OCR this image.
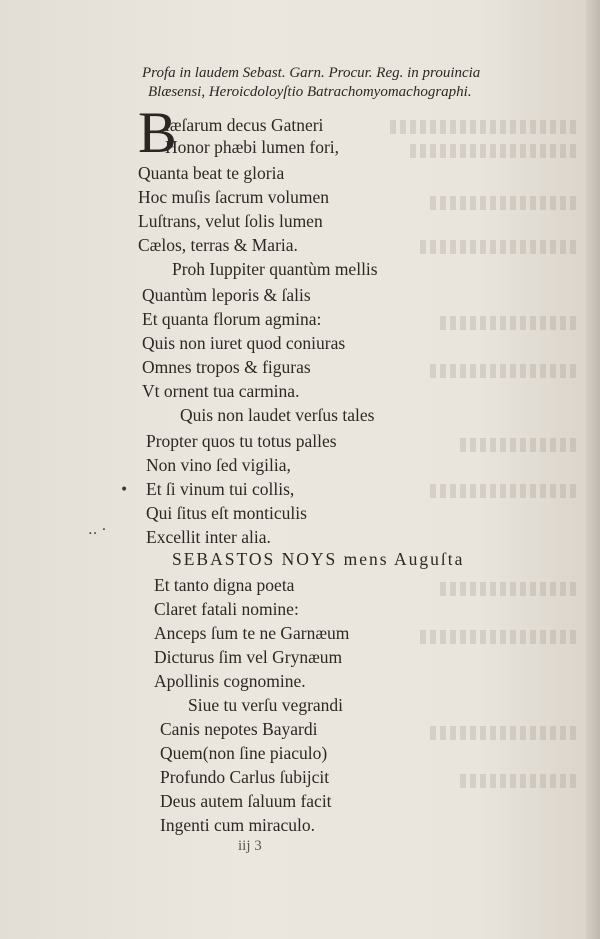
Profa in laudem Sebast. Garn. Procur. Reg. in prouincia
Blæsensi, Heroicdoloyſtio Batrachomyomachographi.
B
læſarum decus Gatneri
Honor phæbi lumen fori,
Quanta beat te gloria
Hoc muſis ſacrum volumen
Luſtrans, velut ſolis lumen
Cælos, terras & Maria.
Proh Iuppiter quantùm mellis
Quantùm leporis & ſalis
Et quanta florum agmina:
Quis non iuret quod coniuras
Omnes tropos & figuras
Vt ornent tua carmina.
Quis non laudet verſus tales
Propter quos tu totus palles
Non vino ſed vigilia,
Et ſi vinum tui collis,
Qui ſitus eſt monticulis
Excellit inter alia.
SEBASTOS NOYS mens Auguſta
Et tanto digna poeta
Claret fatali nomine:
Anceps ſum te ne Garnæum
Dicturus ſim vel Grynæum
Apollinis cognomine.
Siue tu verſu vegrandi
Canis nepotes Bayardi
Quem(non ſine piaculo)
Profundo Carlus ſubijcit
Deus autem ſaluum facit
Ingenti cum miraculo.
iij 3
•
‥ ·
